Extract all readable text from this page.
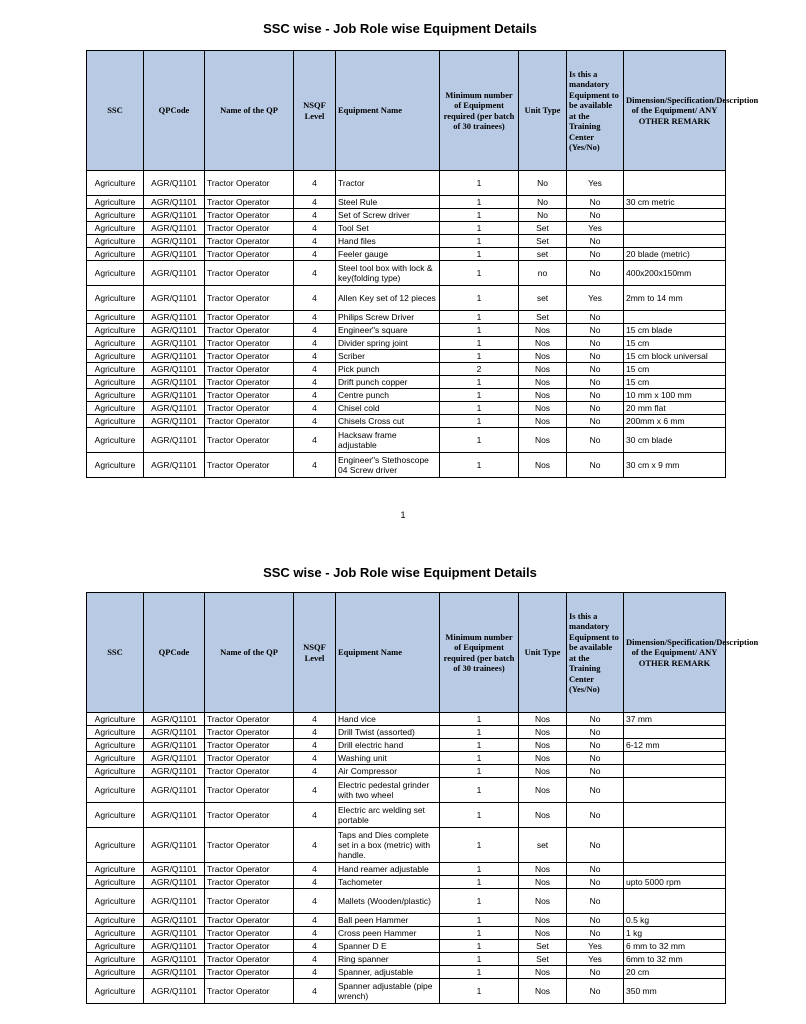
SSC wise - Job Role wise Equipment Details
SSC	QPCode	Name of the QP	NSQF Level	Equipment Name	Minimum number of Equipment required (per batch of 30 trainees)	Unit Type	Is this a mandatory Equipment to be available at the Training Center (Yes/No)	Dimension/Specification/Description of the Equipment/ ANY OTHER REMARK
Agriculture	AGR/Q1101	Tractor Operator	4	Tractor	1	No	Yes	
Agriculture	AGR/Q1101	Tractor Operator	4	Steel Rule	1	No	No	30 cm metric
Agriculture	AGR/Q1101	Tractor Operator	4	Set of Screw driver	1	No	No	
Agriculture	AGR/Q1101	Tractor Operator	4	Tool Set	1	Set	Yes	
Agriculture	AGR/Q1101	Tractor Operator	4	Hand files	1	Set	No	
Agriculture	AGR/Q1101	Tractor Operator	4	Feeler gauge	1	set	No	20 blade (metric)
Agriculture	AGR/Q1101	Tractor Operator	4	Steel tool box with lock & key(folding type)	1	no	No	400x200x150mm
Agriculture	AGR/Q1101	Tractor Operator	4	Allen Key set of 12 pieces	1	set	Yes	2mm to 14 mm
Agriculture	AGR/Q1101	Tractor Operator	4	Philips Screw Driver	1	Set	No	
Agriculture	AGR/Q1101	Tractor Operator	4	Engineer"s square	1	Nos	No	15 cm blade
Agriculture	AGR/Q1101	Tractor Operator	4	Divider spring joint	1	Nos	No	15 cm
Agriculture	AGR/Q1101	Tractor Operator	4	Scriber	1	Nos	No	15 cm block universal
Agriculture	AGR/Q1101	Tractor Operator	4	Pick punch	2	Nos	No	15 cm
Agriculture	AGR/Q1101	Tractor Operator	4	Drift punch copper	1	Nos	No	15 cm
Agriculture	AGR/Q1101	Tractor Operator	4	Centre punch	1	Nos	No	10 mm x 100 mm
Agriculture	AGR/Q1101	Tractor Operator	4	Chisel cold	1	Nos	No	20 mm flat
Agriculture	AGR/Q1101	Tractor Operator	4	Chisels Cross cut	1	Nos	No	200mm x 6 mm
Agriculture	AGR/Q1101	Tractor Operator	4	Hacksaw frame adjustable	1	Nos	No	30 cm blade
Agriculture	AGR/Q1101	Tractor Operator	4	Engineer"s Stethoscope 04 Screw driver	1	Nos	No	30 cm x 9 mm
1
SSC wise - Job Role wise Equipment Details
SSC	QPCode	Name of the QP	NSQF Level	Equipment Name	Minimum number of Equipment required (per batch of 30 trainees)	Unit Type	Is this a mandatory Equipment to be available at the Training Center (Yes/No)	Dimension/Specification/Description of the Equipment/ ANY OTHER REMARK
Agriculture	AGR/Q1101	Tractor Operator	4	Hand vice	1	Nos	No	37 mm
Agriculture	AGR/Q1101	Tractor Operator	4	Drill Twist (assorted)	1	Nos	No	
Agriculture	AGR/Q1101	Tractor Operator	4	Drill electric hand	1	Nos	No	6-12 mm
Agriculture	AGR/Q1101	Tractor Operator	4	Washing unit	1	Nos	No	
Agriculture	AGR/Q1101	Tractor Operator	4	Air Compressor	1	Nos	No	
Agriculture	AGR/Q1101	Tractor Operator	4	Electric pedestal grinder with two wheel	1	Nos	No	
Agriculture	AGR/Q1101	Tractor Operator	4	Electric arc welding set portable	1	Nos	No	
Agriculture	AGR/Q1101	Tractor Operator	4	Taps and Dies complete set in a box (metric) with handle.	1	set	No	
Agriculture	AGR/Q1101	Tractor Operator	4	Hand reamer adjustable	1	Nos	No	
Agriculture	AGR/Q1101	Tractor Operator	4	Tachometer	1	Nos	No	upto 5000 rpm
Agriculture	AGR/Q1101	Tractor Operator	4	Mallets (Wooden/plastic)	1	Nos	No	
Agriculture	AGR/Q1101	Tractor Operator	4	Ball peen Hammer	1	Nos	No	0.5 kg
Agriculture	AGR/Q1101	Tractor Operator	4	Cross peen Hammer	1	Nos	No	1 kg
Agriculture	AGR/Q1101	Tractor Operator	4	Spanner D E	1	Set	Yes	6 mm to 32 mm
Agriculture	AGR/Q1101	Tractor Operator	4	Ring spanner	1	Set	Yes	6mm to 32 mm
Agriculture	AGR/Q1101	Tractor Operator	4	Spanner, adjustable	1	Nos	No	20 cm
Agriculture	AGR/Q1101	Tractor Operator	4	Spanner adjustable (pipe wrench)	1	Nos	No	350 mm
